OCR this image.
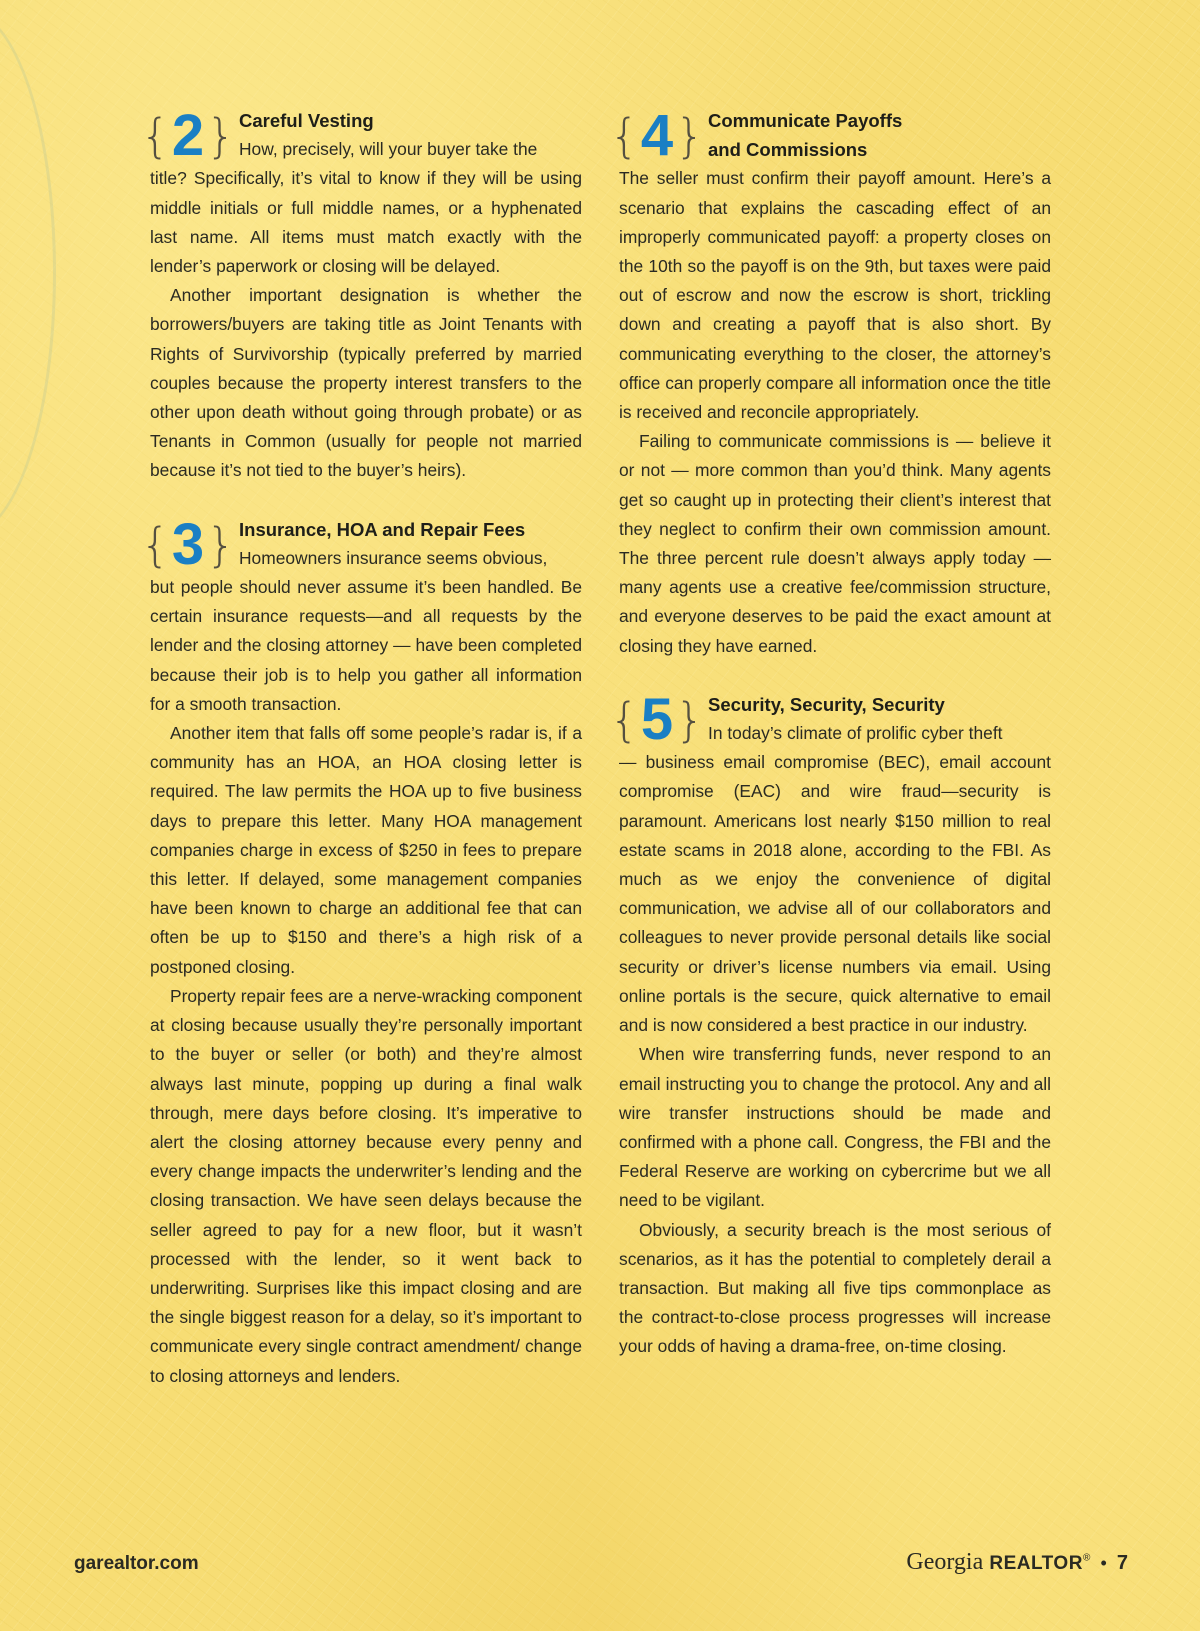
{ 2 } Careful Vesting
How, precisely, will your buyer take the

title? Specifically, it’s vital to know if they will be using middle initials or full middle names, or a hyphenated last name. All items must match exactly with the lender’s paperwork or closing will be delayed.

Another important designation is whether the borrowers/buyers are taking title as Joint Tenants with Rights of Survivorship (typically preferred by married couples because the property interest transfers to the other upon death without going through probate) or as Tenants in Common (usually for people not married because it’s not tied to the buyer’s heirs).

{ 3 } Insurance, HOA and Repair Fees
Homeowners insurance seems obvious,

but people should never assume it’s been handled. Be certain insurance requests—and all requests by the lender and the closing attorney — have been completed because their job is to help you gather all information for a smooth transaction.

Another item that falls off some people’s radar is, if a community has an HOA, an HOA closing letter is required. The law permits the HOA up to five business days to prepare this letter. Many HOA management companies charge in excess of $250 in fees to prepare this letter. If delayed, some management companies have been known to charge an additional fee that can often be up to $150 and there’s a high risk of a postponed closing.

Property repair fees are a nerve-wracking component at closing because usually they’re personally important to the buyer or seller (or both) and they’re almost always last minute, popping up during a final walk through, mere days before closing. It’s imperative to alert the closing attorney because every penny and every change impacts the underwriter’s lending and the closing transaction. We have seen delays because the seller agreed to pay for a new floor, but it wasn’t processed with the lender, so it went back to underwriting. Surprises like this impact closing and are the single biggest reason for a delay, so it’s important to communicate every single contract amendment/ change to closing attorneys and lenders.

{ 4 } Communicate Payoffs
and Commissions

The seller must confirm their payoff amount. Here’s a scenario that explains the cascading effect of an improperly communicated payoff: a property closes on the 10th so the payoff is on the 9th, but taxes were paid out of escrow and now the escrow is short, trickling down and creating a payoff that is also short. By communicating everything to the closer, the attorney’s office can properly compare all information once the title is received and reconcile appropriately.

Failing to communicate commissions is — believe it or not — more common than you’d think. Many agents get so caught up in protecting their client’s interest that they neglect to confirm their own commission amount. The three percent rule doesn’t always apply today — many agents use a creative fee/commission structure, and everyone deserves to be paid the exact amount at closing they have earned.

{ 5 } Security, Security, Security
In today’s climate of prolific cyber theft

— business email compromise (BEC), email account compromise (EAC) and wire fraud—security is paramount. Americans lost nearly $150 million to real estate scams in 2018 alone, according to the FBI. As much as we enjoy the convenience of digital communication, we advise all of our collaborators and colleagues to never provide personal details like social security or driver’s license numbers via email. Using online portals is the secure, quick alternative to email and is now considered a best practice in our industry.

When wire transferring funds, never respond to an email instructing you to change the protocol. Any and all wire transfer instructions should be made and confirmed with a phone call. Congress, the FBI and the Federal Reserve are working on cybercrime but we all need to be vigilant.

Obviously, a security breach is the most serious of scenarios, as it has the potential to completely derail a transaction. But making all five tips commonplace as the contract-to-close process progresses will increase your odds of having a drama-free, on-time closing.

garealtor.com	Georgia REALTOR® • 7
